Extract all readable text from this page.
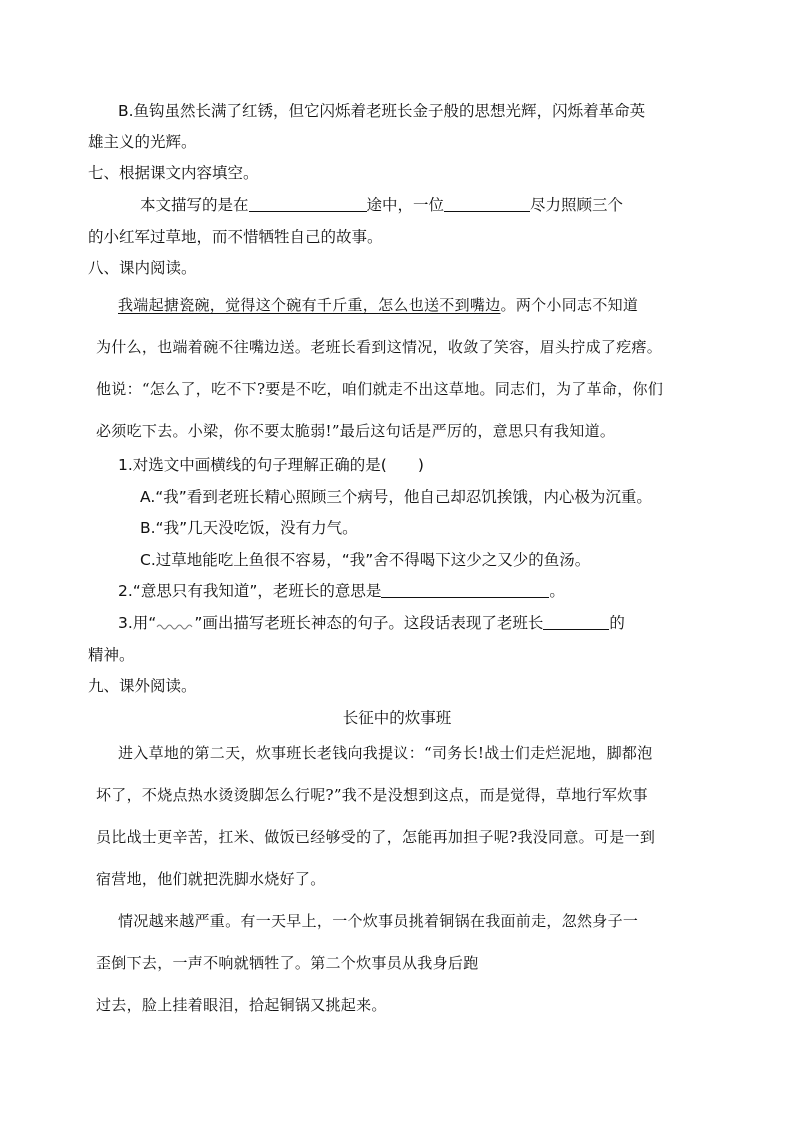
B.鱼钩虽然长满了红锈，但它闪烁着老班长金子般的思想光辉，闪烁着革命英
雄主义的光辉。
七、根据课文内容填空。
本文描写的是在	途中，一位	尽力照顾三个
的小红军过草地，而不惜牺牲自己的故事。
八、课内阅读。
我端起搪瓷碗，觉得这个碗有千斤重，怎么也送不到嘴边。两个小同志不知道
为什么，也端着碗不往嘴边送。老班长看到这情况，收敛了笑容，眉头拧成了疙瘩。
他说：“怎么了，吃不下?要是不吃，咱们就走不出这草地。同志们，为了革命，你们
必须吃下去。小梁，你不要太脆弱!”最后这句话是严厉的，意思只有我知道。
1.对选文中画横线的句子理解正确的是(　　)
A.“我”看到老班长精心照顾三个病号，他自己却忍饥挨饿，内心极为沉重。
B.“我”几天没吃饭，没有力气。
C.过草地能吃上鱼很不容易，“我”舍不得喝下这少之又少的鱼汤。
2.“意思只有我知道”，老班长的意思是	。
3.用“ ”画出描写老班长神态的句子。这段话表现了老班长	的
精神。
九、课外阅读。
长征中的炊事班
进入草地的第二天，炊事班长老钱向我提议：“司务长!战士们走烂泥地，脚都泡
坏了，不烧点热水烫烫脚怎么行呢?”我不是没想到这点，而是觉得，草地行军炊事
员比战士更辛苦，扛米、做饭已经够受的了，怎能再加担子呢?我没同意。可是一到
宿营地，他们就把洗脚水烧好了。
情况越来越严重。有一天早上，一个炊事员挑着铜锅在我面前走，忽然身子一
歪倒下去，一声不响就牺牲了。第二个炊事员从我身后跑
过去，脸上挂着眼泪，拾起铜锅又挑起来。
